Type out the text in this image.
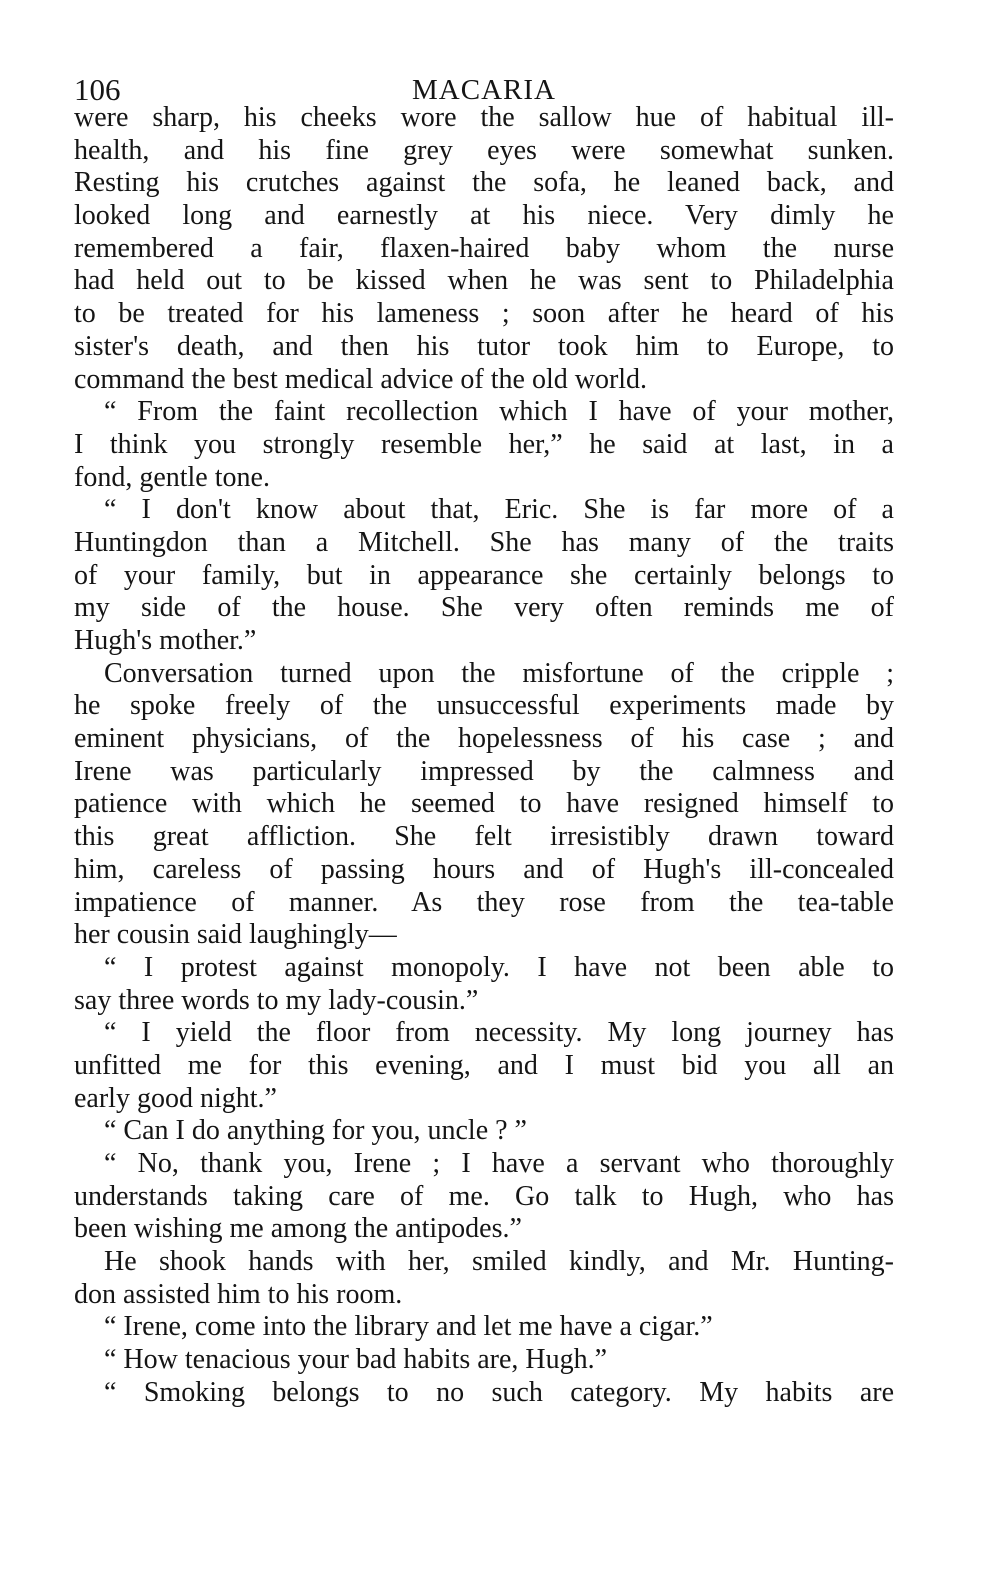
106	MACARIA
were sharp, his cheeks wore the sallow hue of habitual ill-
health, and his fine grey eyes were somewhat sunken.
Resting his crutches against the sofa, he leaned back, and
looked long and earnestly at his niece. Very dimly he
remembered a fair, flaxen-haired baby whom the nurse
had held out to be kissed when he was sent to Philadelphia
to be treated for his lameness ; soon after he heard of his
sister's death, and then his tutor took him to Europe, to
command the best medical advice of the old world.
“ From the faint recollection which I have of your mother,
I think you strongly resemble her,” he said at last, in a
fond, gentle tone.
“ I don't know about that, Eric. She is far more of a
Huntingdon than a Mitchell. She has many of the traits
of your family, but in appearance she certainly belongs to
my side of the house. She very often reminds me of
Hugh's mother.”
Conversation turned upon the misfortune of the cripple ;
he spoke freely of the unsuccessful experiments made by
eminent physicians, of the hopelessness of his case ; and
Irene was particularly impressed by the calmness and
patience with which he seemed to have resigned himself to
this great affliction. She felt irresistibly drawn toward
him, careless of passing hours and of Hugh's ill-concealed
impatience of manner. As they rose from the tea-table
her cousin said laughingly—
“ I protest against monopoly. I have not been able to
say three words to my lady-cousin.”
“ I yield the floor from necessity. My long journey has
unfitted me for this evening, and I must bid you all an
early good night.”
“ Can I do anything for you, uncle ? ”
“ No, thank you, Irene ; I have a servant who thoroughly
understands taking care of me. Go talk to Hugh, who has
been wishing me among the antipodes.”
He shook hands with her, smiled kindly, and Mr. Hunting-
don assisted him to his room.
“ Irene, come into the library and let me have a cigar.”
“ How tenacious your bad habits are, Hugh.”
“ Smoking belongs to no such category. My habits are
